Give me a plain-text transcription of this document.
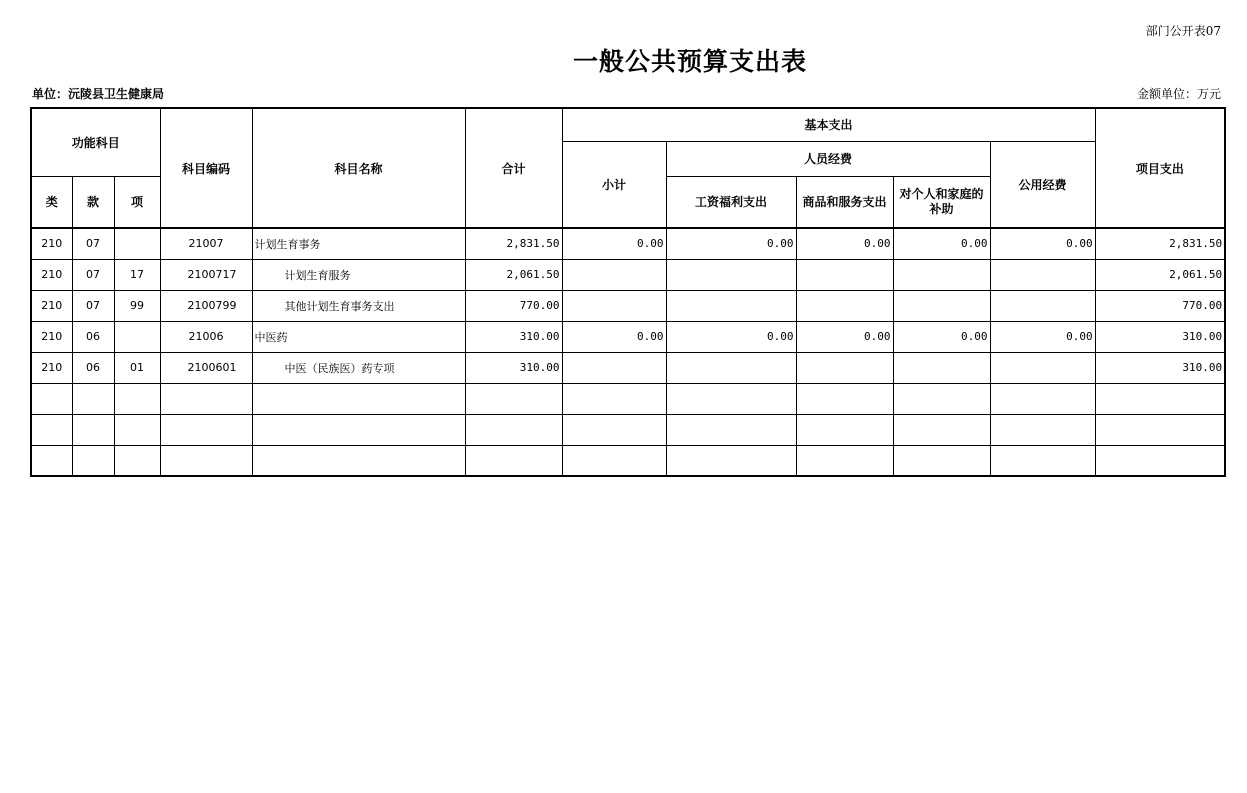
部门公开表07
一般公共预算支出表
单位：沅陵县卫生健康局	金额单位：万元
功能科目			科目编码	科目名称	合计	基本支出					项目支出
						小计	人员经费			公用经费	
类	款	项					工资福利支出	商品和服务支出	对个人和家庭的补助		
210	07		21007	计划生育事务	2,831.50	0.00	0.00	0.00	0.00	0.00	2,831.50
210	07	17	2100717	计划生育服务	2,061.50						2,061.50
210	07	99	2100799	其他计划生育事务支出	770.00						770.00
210	06		21006	中医药	310.00	0.00	0.00	0.00	0.00	0.00	310.00
210	06	01	2100601	中医（民族医）药专项	310.00						310.00
